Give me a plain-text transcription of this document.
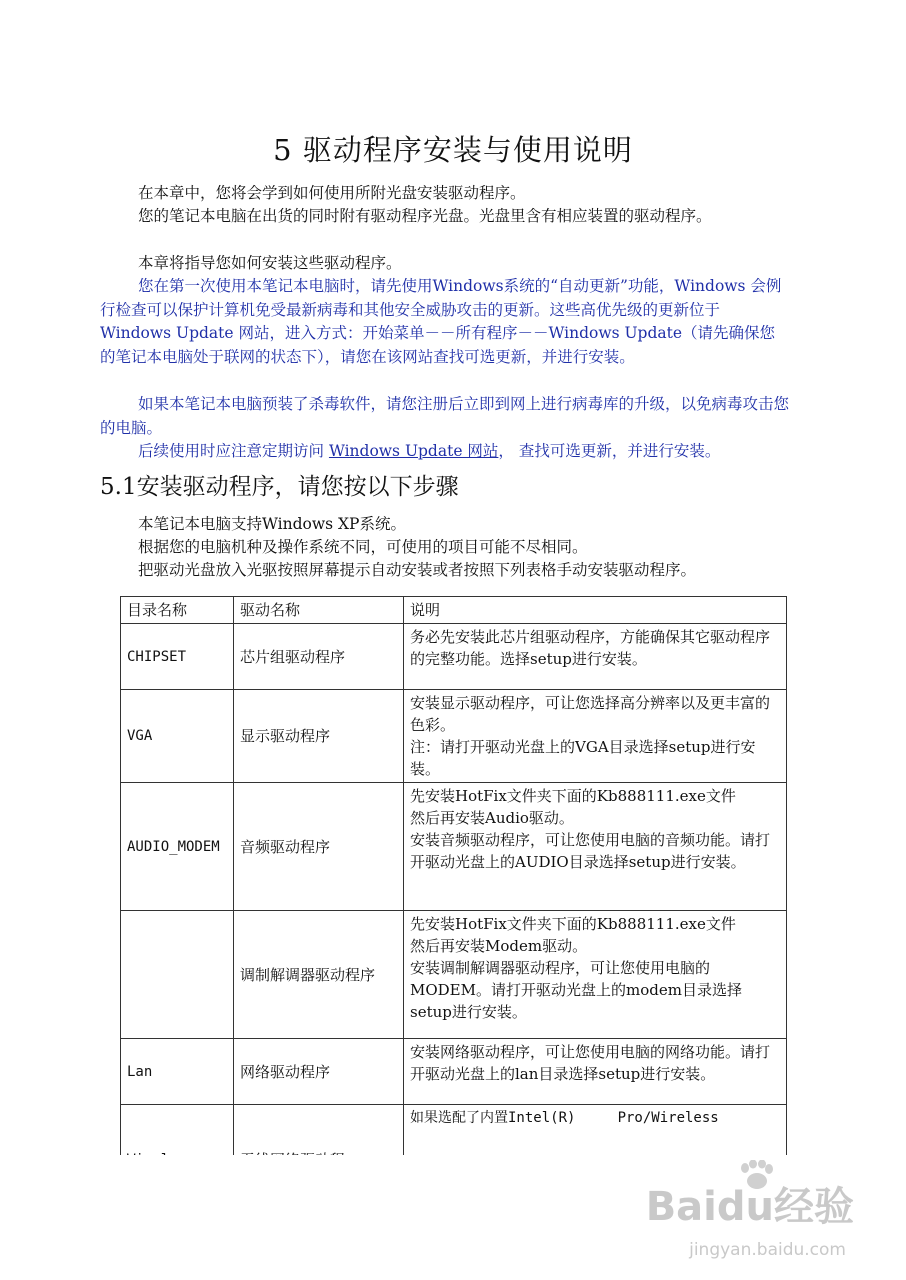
5 驱动程序安装与使用说明
在本章中，您将会学到如何使用所附光盘安装驱动程序。
您的笔记本电脑在出货的同时附有驱动程序光盘。光盘里含有相应装置的驱动程序。
本章将指导您如何安装这些驱动程序。
您在第一次使用本笔记本电脑时，请先使用Windows系统的“自动更新”功能，Windows 会例行检查可以保护计算机免受最新病毒和其他安全威胁攻击的更新。这些高优先级的更新位于 Windows Update 网站，进入方式：开始菜单－－所有程序－－Windows Update（请先确保您的笔记本电脑处于联网的状态下），请您在该网站查找可选更新，并进行安装。
如果本笔记本电脑预装了杀毒软件，请您注册后立即到网上进行病毒库的升级，以免病毒攻击您的电脑。
后续使用时应注意定期访问 Windows Update 网站， 查找可选更新，并进行安装。
5.1安装驱动程序，请您按以下步骤
本笔记本电脑支持Windows XP系统。
根据您的电脑机种及操作系统不同，可使用的项目可能不尽相同。
把驱动光盘放入光驱按照屏幕提示自动安装或者按照下列表格手动安装驱动程序。
目录名称	驱动名称	说明
CHIPSET	芯片组驱动程序	务必先安装此芯片组驱动程序，方能确保其它驱动程序的完整功能。选择setup进行安装。

VGA	显示驱动程序	安装显示驱动程序，可让您选择高分辨率以及更丰富的色彩。
注：请打开驱动光盘上的VGA目录选择setup进行安装。

AUDIO_MODEM	音频驱动程序	先安装HotFix文件夹下面的Kb888111.exe文件
然后再安装Audio驱动。
安装音频驱动程序，可让您使用电脑的音频功能。请打开驱动光盘上的AUDIO目录选择setup进行安装。

	调制解调器驱动程序	先安装HotFix文件夹下面的Kb888111.exe文件
然后再安装Modem驱动。
安装调制解调器驱动程序，可让您使用电脑的MODEM。请打开驱动光盘上的modem目录选择setup进行安装。

Lan	网络驱动程序	安装网络驱动程序，可让您使用电脑的网络功能。请打开驱动光盘上的lan目录选择setup进行安装。

如果选配了内置Intel(R)     Pro/Wireless
Baidu经验
jingyan.baidu.com
